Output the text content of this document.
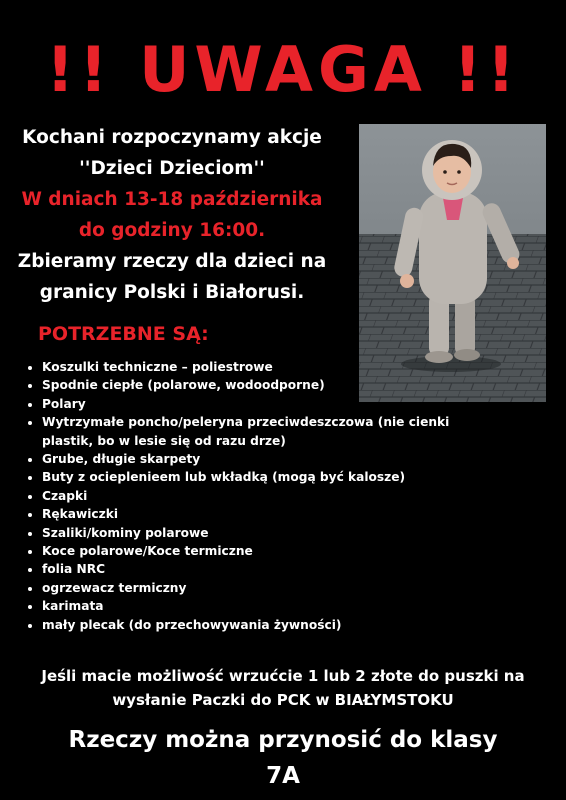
!! UWAGA !!
Kochani rozpoczynamy akcje
''Dzieci Dzieciom''
W dniach 13-18 października
do godziny 16:00.
Zbieramy rzeczy dla dzieci na
granicy Polski i Białorusi.
POTRZEBNE SĄ:
• Koszulki techniczne – poliestrowe
• Spodnie ciepłe (polarowe, wodoodporne)
• Polary
• Wytrzymałe poncho/peleryna przeciwdeszczowa (nie cienki plastik, bo w lesie się od razu drze)
• Grube, długie skarpety
• Buty z ocieplenieem lub wkładką (mogą być kalosze)
• Czapki
• Rękawiczki
• Szaliki/kominy polarowe
• Koce polarowe/Koce termiczne
• folia NRC
• ogrzewacz termiczny
• karimata
• mały plecak (do przechowywania żywności)
Jeśli macie możliwość wrzućcie 1 lub 2 złote do puszki na
wysłanie Paczki do PCK w BIAŁYMSTOKU
Rzeczy można przynosić do klasy
7A
